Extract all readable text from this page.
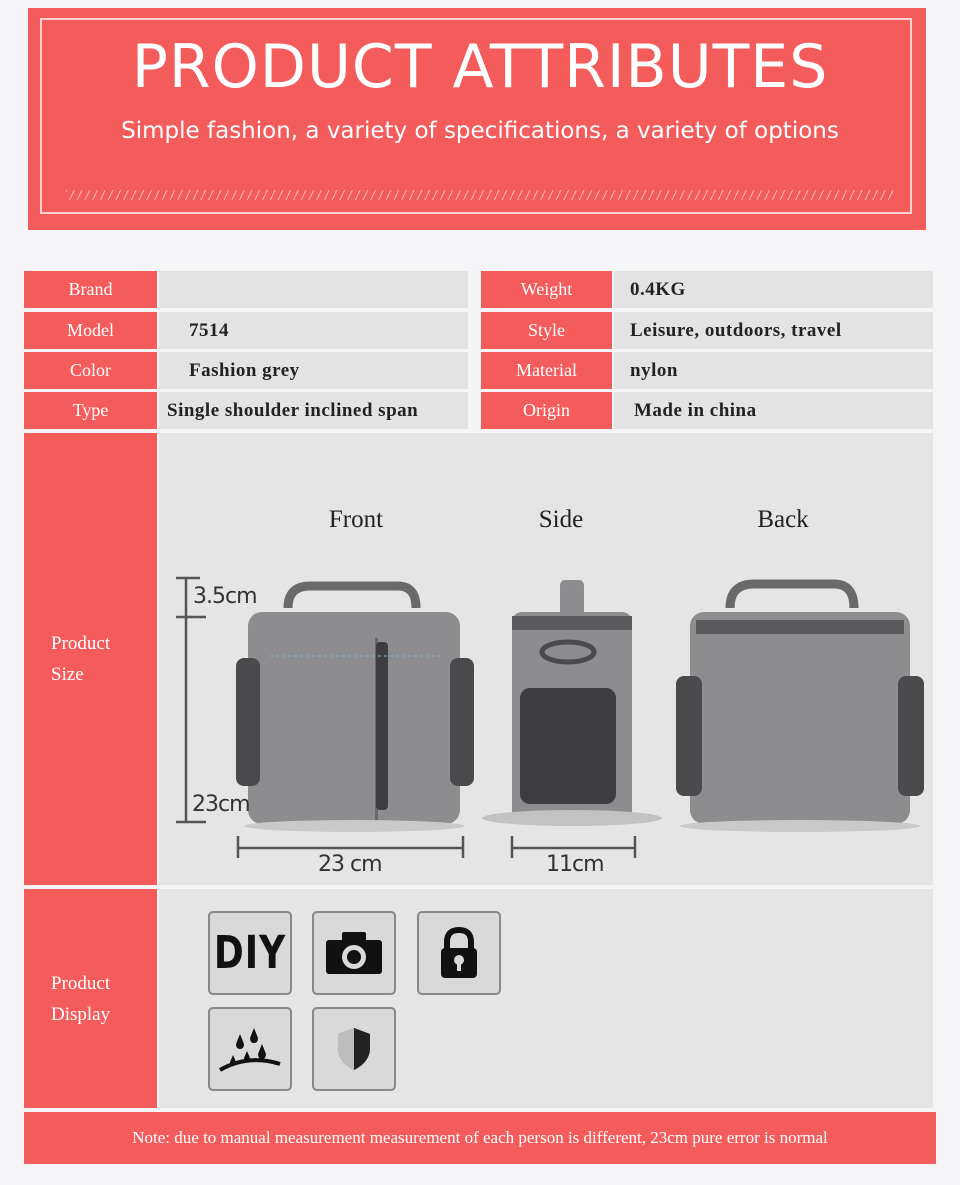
PRODUCT ATTRIBUTES
Simple fashion, a variety of specifications, a variety of options
Brand
Model	7514
Color	Fashion grey
Type	Single shoulder inclined span
Weight	0.4KG
Style	Leisure, outdoors, travel
Material	nylon
Origin	Made in china
Product
Size
Front	Side	Back
3.5cm
23cm
23 cm	11cm
Product
Display
DIY
Note: due to manual measurement measurement of each person is different, 23cm pure error is normal
